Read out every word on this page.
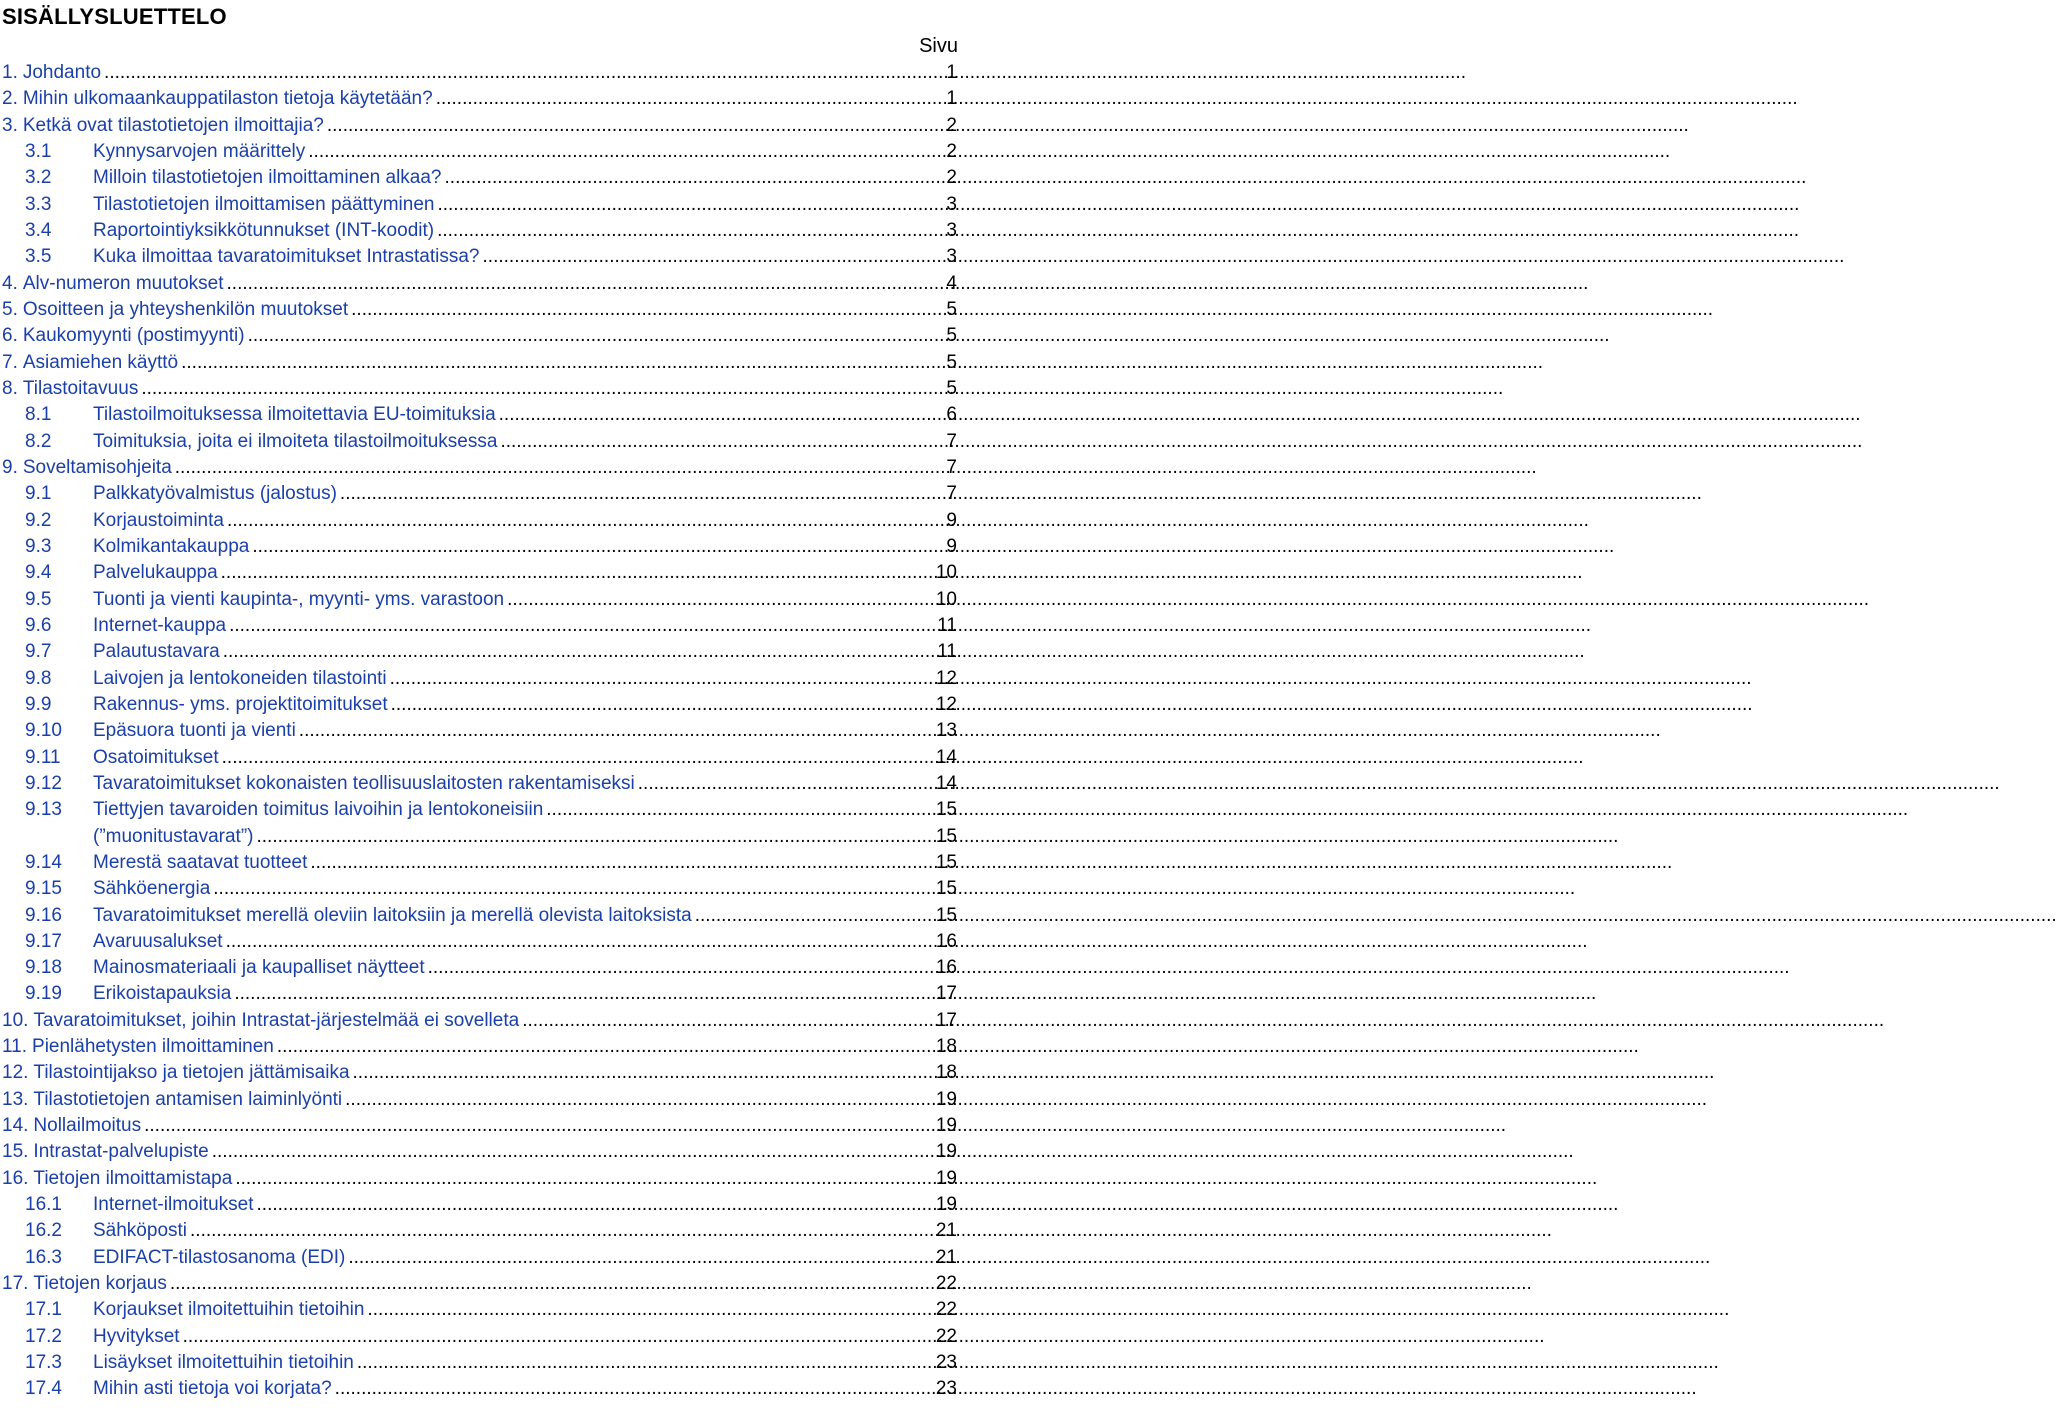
SISÄLLYSLUETTELO
Sivu
1. Johdanto .....	1
2. Mihin ulkomaankauppatilaston tietoja käytetään? .....	1
3. Ketkä ovat tilastotietojen ilmoittajia? .....	2
3.1	Kynnysarvojen määrittely .....	2
3.2	Milloin tilastotietojen ilmoittaminen alkaa? .....	2
3.3	Tilastotietojen ilmoittamisen päättyminen .....	3
3.4	Raportointiyksikkötunnukset (INT-koodit) .....	3
3.5	Kuka ilmoittaa tavaratoimitukset Intrastatissa? .....	3
4. Alv-numeron muutokset .....	4
5. Osoitteen ja yhteyshenkilön muutokset .....	5
6. Kaukomyynti (postimyynti) .....	5
7. Asiamiehen käyttö .....	5
8. Tilastoitavuus .....	5
8.1	Tilastoilmoituksessa ilmoitettavia EU-toimituksia .....	6
8.2	Toimituksia, joita ei ilmoiteta tilastoilmoituksessa .....	7
9. Soveltamisohjeita .....	7
9.1	Palkkatyövalmistus (jalostus) .....	7
9.2	Korjaustoiminta .....	9
9.3	Kolmikantakauppa .....	9
9.4	Palvelukauppa .....	10
9.5	Tuonti ja vienti kaupinta-, myynti- yms. varastoon .....	10
9.6	Internet-kauppa .....	11
9.7	Palautustavara .....	11
9.8	Laivojen ja lentokoneiden tilastointi .....	12
9.9	Rakennus- yms. projektitoimitukset .....	12
9.10	Epäsuora tuonti ja vienti .....	13
9.11	Osatoimitukset .....	14
9.12	Tavaratoimitukset kokonaisten teollisuuslaitosten rakentamiseksi .....	14
9.13	Tiettyjen tavaroiden toimitus laivoihin ja lentokoneisiin .....	15
(”muonitustavarat”) .....	15
9.14	Merestä saatavat tuotteet .....	15
9.15	Sähköenergia .....	15
9.16	Tavaratoimitukset merellä oleviin laitoksiin ja merellä olevista laitoksista .....	15
9.17	Avaruusalukset .....	16
9.18	Mainosmateriaali ja kaupalliset näytteet .....	16
9.19	Erikoistapauksia .....	17
10. Tavaratoimitukset, joihin Intrastat-järjestelmää ei sovelleta .....	17
11. Pienlähetysten ilmoittaminen .....	18
12. Tilastointijakso ja tietojen jättämisaika .....	18
13. Tilastotietojen antamisen laiminlyönti .....	19
14. Nollailmoitus .....	19
15. Intrastat-palvelupiste .....	19
16. Tietojen ilmoittamistapa .....	19
16.1	Internet-ilmoitukset .....	19
16.2	Sähköposti .....	21
16.3	EDIFACT-tilastosanoma (EDI) .....	21
17. Tietojen korjaus .....	22
17.1	Korjaukset ilmoitettuihin tietoihin .....	22
17.2	Hyvitykset .....	22
17.3	Lisäykset ilmoitettuihin tietoihin .....	23
17.4	Mihin asti tietoja voi korjata? .....	23
